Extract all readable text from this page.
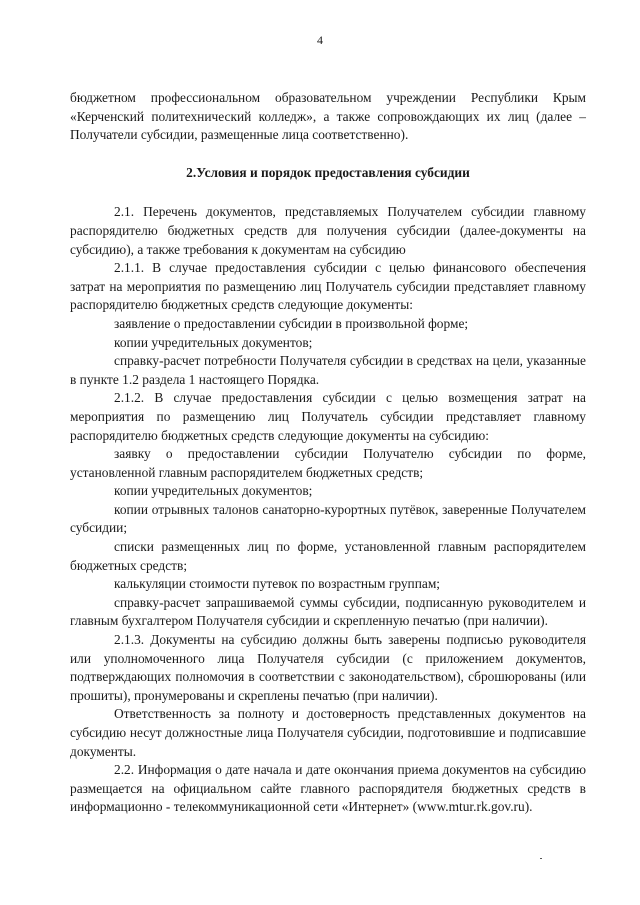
4

бюджетном профессиональном образовательном учреждении Республики Крым «Керченский политехнический колледж», а также сопровождающих их лиц (далее – Получатели субсидии, размещенные лица соответственно).

2.Условия и порядок предоставления субсидии

2.1. Перечень документов, представляемых Получателем субсидии главному распорядителю бюджетных средств для получения субсидии (далее-документы на субсидию), а также требования к документам на субсидию

2.1.1. В случае предоставления субсидии с целью финансового обеспечения затрат на мероприятия по размещению лиц Получатель субсидии представляет главному распорядителю бюджетных средств следующие документы:

заявление о предоставлении субсидии в произвольной форме;

копии учредительных документов;

справку-расчет потребности Получателя субсидии в средствах на цели, указанные в пункте 1.2 раздела 1 настоящего Порядка.

2.1.2. В случае предоставления субсидии с целью возмещения затрат на мероприятия по размещению лиц Получатель субсидии представляет главному распорядителю бюджетных средств следующие документы на субсидию:

заявку о предоставлении субсидии Получателю субсидии по форме, установленной главным распорядителем бюджетных средств;

копии учредительных документов;

копии отрывных талонов санаторно-курортных путёвок, заверенные Получателем субсидии;

списки размещенных лиц по форме, установленной главным распорядителем бюджетных средств;

калькуляции стоимости путевок по возрастным группам;

справку-расчет запрашиваемой суммы субсидии, подписанную руководителем и главным бухгалтером Получателя субсидии и скрепленную печатью (при наличии).

2.1.3. Документы на субсидию должны быть заверены подписью руководителя или уполномоченного лица Получателя субсидии (с приложением документов, подтверждающих полномочия в соответствии с законодательством), сброшюрованы (или прошиты), пронумерованы и скреплены печатью (при наличии).

Ответственность за полноту и достоверность представленных документов на субсидию несут должностные лица Получателя субсидии, подготовившие и подписавшие документы.

2.2. Информация о дате начала и дате окончания приема документов на субсидию размещается на официальном сайте главного распорядителя бюджетных средств в информационно - телекоммуникационной сети «Интернет» (www.mtur.rk.gov.ru).
